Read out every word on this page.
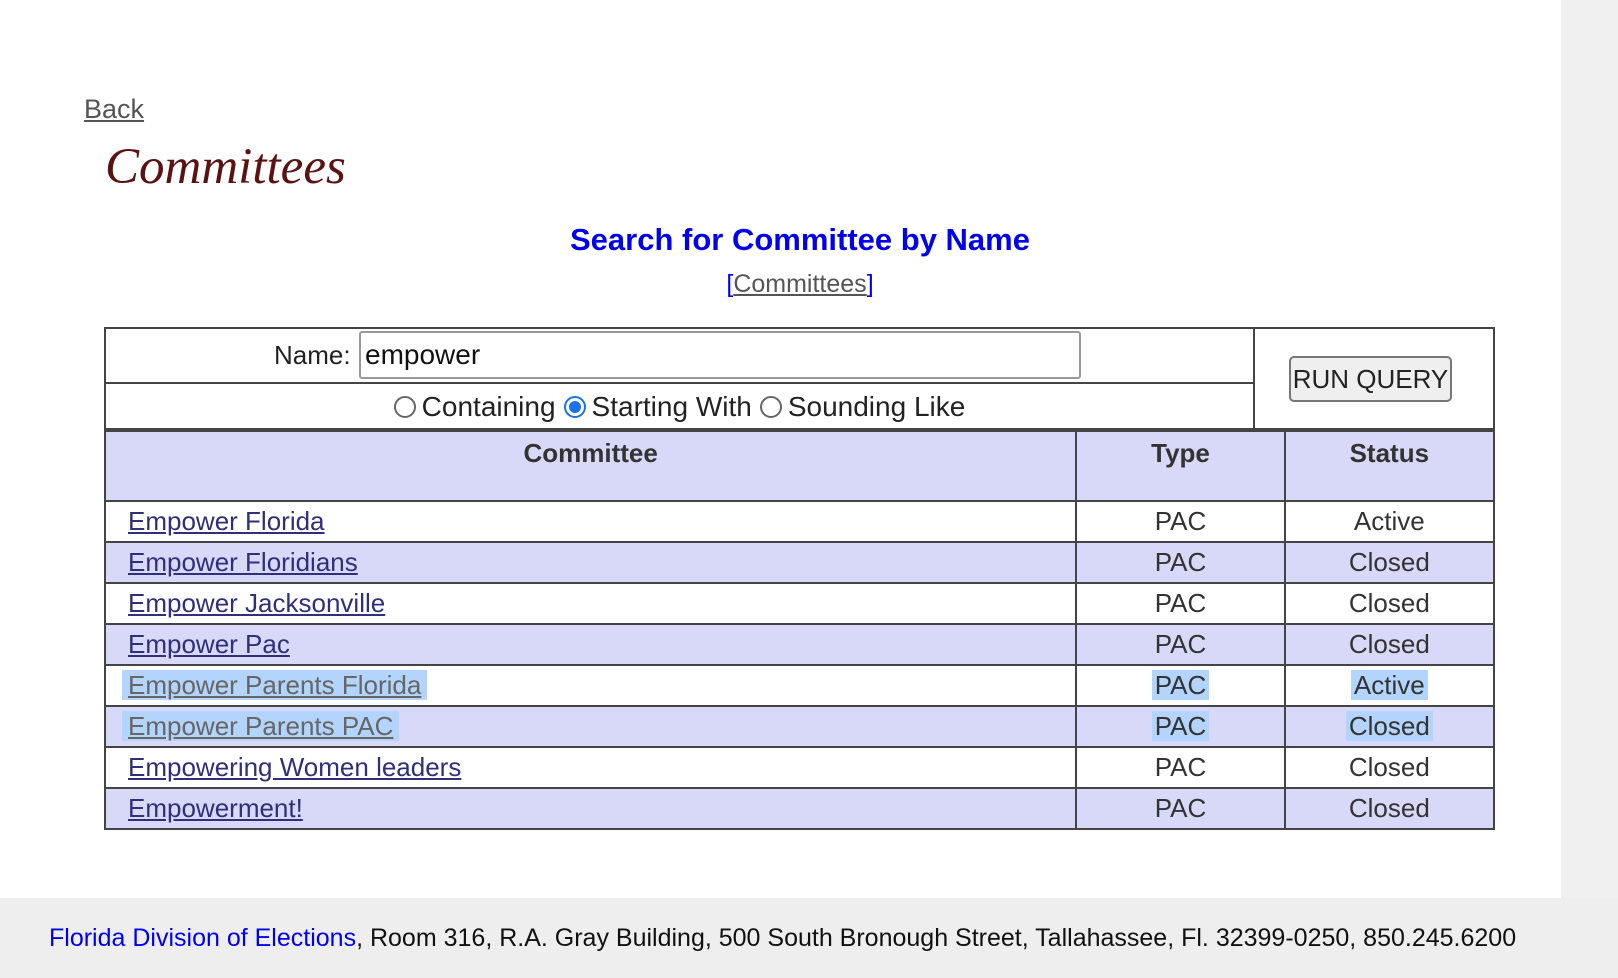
Back
Committees
Search for Committee by Name
[Committees]
Name:
empower
Containing Starting With Sounding Like
RUN QUERY
Committee	Type	Status
Empower Florida	PAC	Active
Empower Floridians	PAC	Closed
Empower Jacksonville	PAC	Closed
Empower Pac	PAC	Closed
Empower Parents Florida	PAC	Active
Empower Parents PAC	PAC	Closed
Empowering Women leaders	PAC	Closed
Empowerment!	PAC	Closed
Florida Division of Elections, Room 316, R.A. Gray Building, 500 South Bronough Street, Tallahassee, Fl. 32399-0250, 850.245.6200
